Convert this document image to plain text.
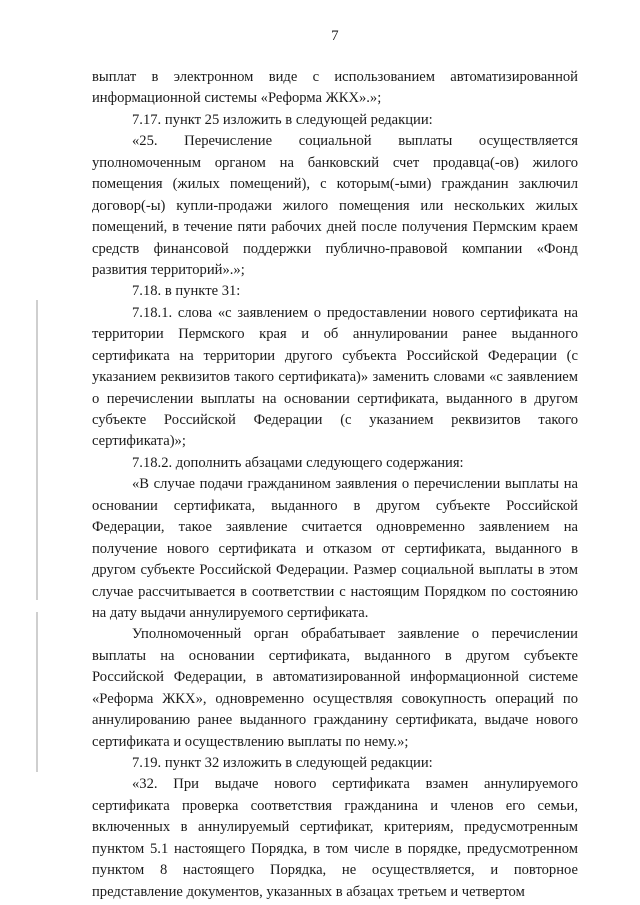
7

выплат в электронном виде с использованием автоматизированной информационной системы «Реформа ЖКХ».»;

7.17. пункт 25 изложить в следующей редакции:

«25. Перечисление социальной выплаты осуществляется уполномоченным органом на банковский счет продавца(-ов) жилого помещения (жилых помещений), с которым(-ыми) гражданин заключил договор(-ы) купли-продажи жилого помещения или нескольких жилых помещений, в течение пяти рабочих дней после получения Пермским краем средств финансовой поддержки публично-правовой компании «Фонд развития территорий».»;

7.18. в пункте 31:

7.18.1. слова «с заявлением о предоставлении нового сертификата на территории Пермского края и об аннулировании ранее выданного сертификата на территории другого субъекта Российской Федерации (с указанием реквизитов такого сертификата)» заменить словами «с заявлением о перечислении выплаты на основании сертификата, выданного в другом субъекте Российской Федерации (с указанием реквизитов такого сертификата)»;

7.18.2. дополнить абзацами следующего содержания:

«В случае подачи гражданином заявления о перечислении выплаты на основании сертификата, выданного в другом субъекте Российской Федерации, такое заявление считается одновременно заявлением на получение нового сертификата и отказом от сертификата, выданного в другом субъекте Российской Федерации. Размер социальной выплаты в этом случае рассчитывается в соответствии с настоящим Порядком по состоянию на дату выдачи аннулируемого сертификата.

Уполномоченный орган обрабатывает заявление о перечислении выплаты на основании сертификата, выданного в другом субъекте Российской Федерации, в автоматизированной информационной системе «Реформа ЖКХ», одновременно осуществляя совокупность операций по аннулированию ранее выданного гражданину сертификата, выдаче нового сертификата и осуществлению выплаты по нему.»;

7.19. пункт 32 изложить в следующей редакции:

«32. При выдаче нового сертификата взамен аннулируемого сертификата проверка соответствия гражданина и членов его семьи, включенных в аннулируемый сертификат, критериям, предусмотренным пунктом 5.1 настоящего Порядка, в том числе в порядке, предусмотренном пунктом 8 настоящего Порядка, не осуществляется, и повторное представление документов, указанных в абзацах третьем и четвертом
